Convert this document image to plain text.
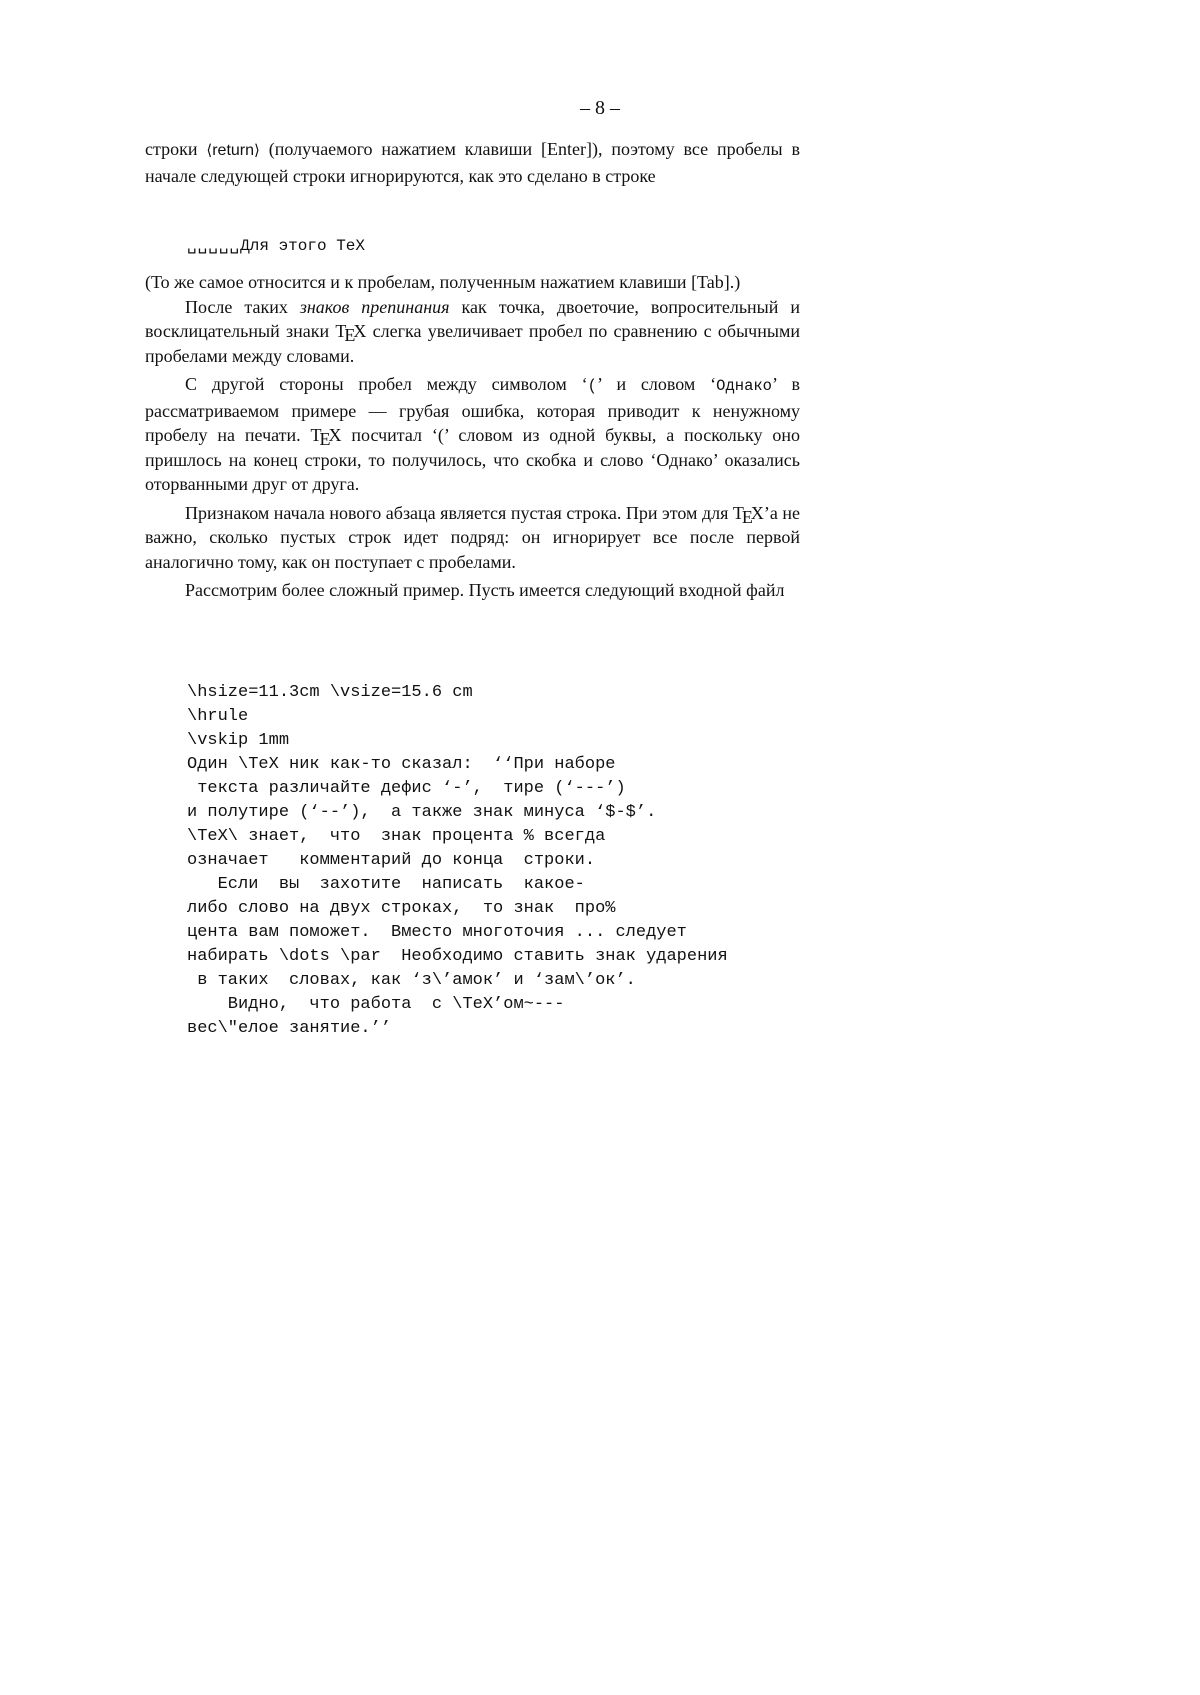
– 8 –

строки ⟨return⟩ (получаемого нажатием клавиши [Enter]), поэтому все пробелы в начале следующей строки игнорируются, как это сделано в строке

␣␣␣␣␣Для этого TeX

(То же самое относится и к пробелам, полученным нажатием клавиши [Tab].)

После таких знаков препинания как точка, двоеточие, вопросительный и восклицательный знаки TEX слегка увеличивает пробел по сравнению с обычными пробелами между словами.

С другой стороны пробел между символом ‘(’ и словом ‘Однако’ в рассматриваемом примере — грубая ошибка, которая приводит к ненужному пробелу на печати. TEX посчитал ‘(’ словом из одной буквы, а поскольку оно пришлось на конец строки, то получилось, что скобка и слово ‘Однако’ оказались оторванными друг от друга.

Признаком начала нового абзаца является пустая строка. При этом для TEX’а не важно, сколько пустых строк идет подряд: он игнорирует все после первой аналогично тому, как он поступает с пробелами.

Рассмотрим более сложный пример. Пусть имеется следующий входной файл

\hsize=11.3cm \vsize=15.6 cm
\hrule
\vskip 1mm
Один \TeX ник как-то сказал:  ‘‘При наборе
текста различайте дефис ‘-’,  тире (‘---’)
и полутире (‘--’),  а также знак минуса ‘$-$’.
\TeX\ знает,  что  знак процента % всегда
означает   комментарий до конца  строки.
Если  вы  захотите  написать  какое-
либо слово на двух строках,  то знак  про%
цента вам поможет.  Вместо многоточия ... следует
набирать \dots \par  Необходимо ставить знак ударения
в таких  словах, как ‘з\’амок’ и ‘зам\’ок’.
Видно,  что работа  с \TeX’ом~---
вес\"елое занятие.’’
